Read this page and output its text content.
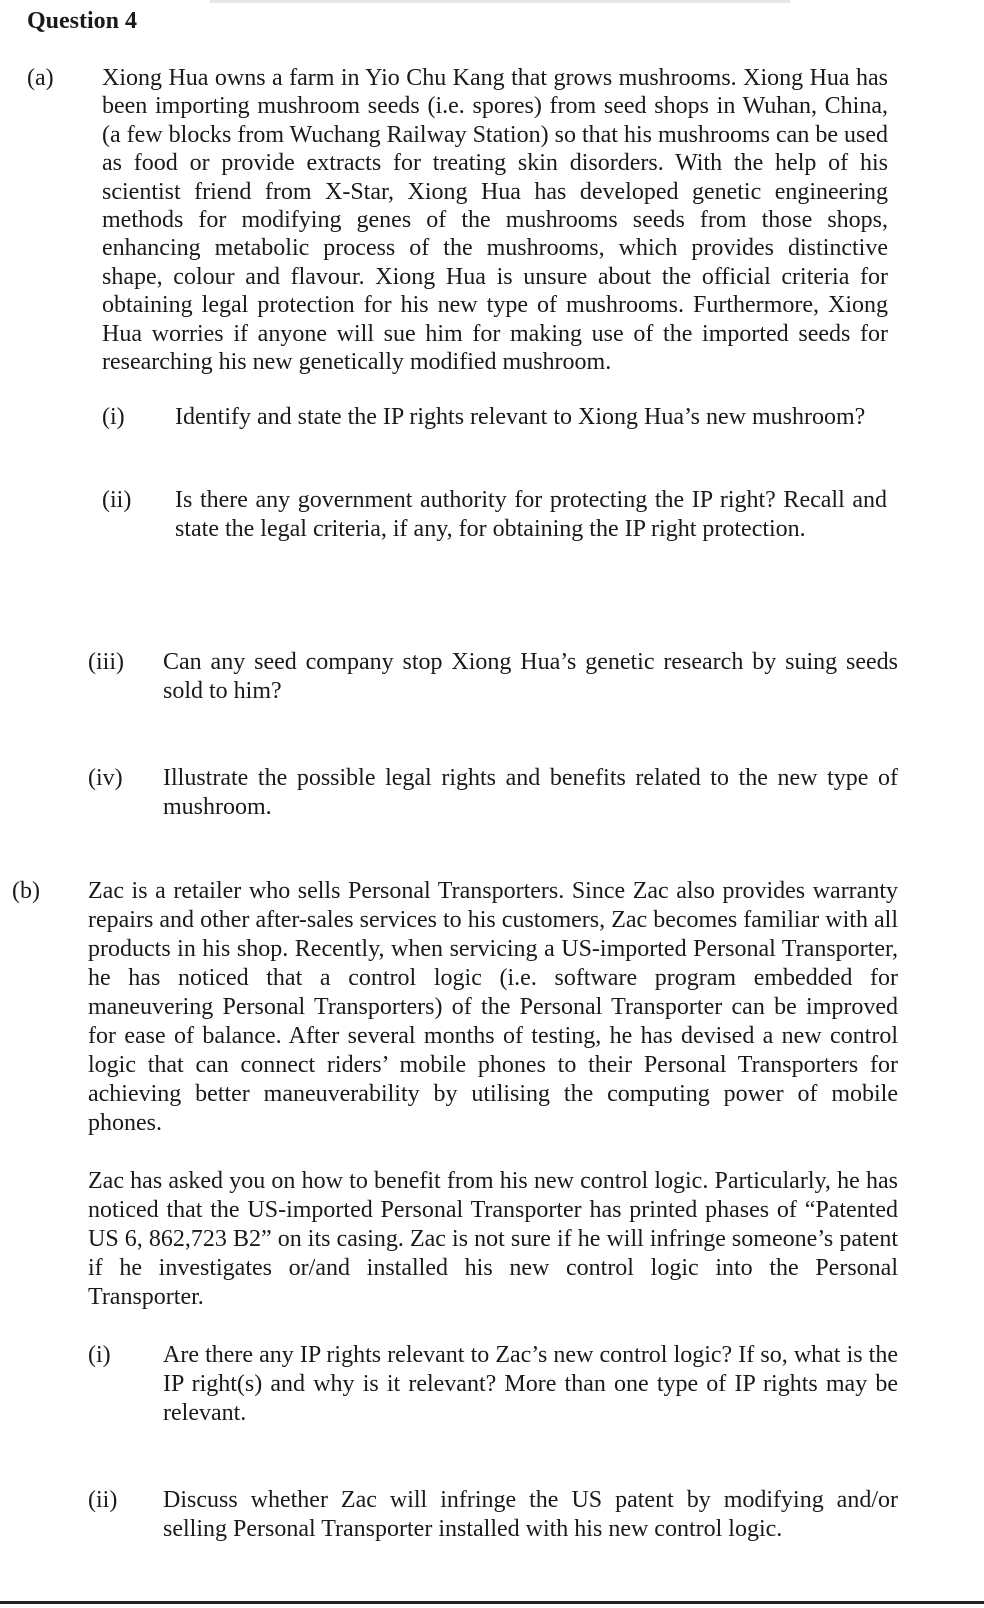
Question 4
(a) Xiong Hua owns a farm in Yio Chu Kang that grows mushrooms. Xiong Hua has been importing mushroom seeds (i.e. spores) from seed shops in Wuhan, China, (a few blocks from Wuchang Railway Station) so that his mushrooms can be used as food or provide extracts for treating skin disorders. With the help of his scientist friend from X-Star, Xiong Hua has developed genetic engineering methods for modifying genes of the mushrooms seeds from those shops, enhancing metabolic process of the mushrooms, which provides distinctive shape, colour and flavour. Xiong Hua is unsure about the official criteria for obtaining legal protection for his new type of mushrooms. Furthermore, Xiong Hua worries if anyone will sue him for making use of the imported seeds for researching his new genetically modified mushroom.

(i) Identify and state the IP rights relevant to Xiong Hua’s new mushroom?

(ii) Is there any government authority for protecting the IP right? Recall and state the legal criteria, if any, for obtaining the IP right protection.

(iii) Can any seed company stop Xiong Hua’s genetic research by suing seeds sold to him?

(iv) Illustrate the possible legal rights and benefits related to the new type of mushroom.

(b) Zac is a retailer who sells Personal Transporters. Since Zac also provides warranty repairs and other after-sales services to his customers, Zac becomes familiar with all products in his shop. Recently, when servicing a US-imported Personal Transporter, he has noticed that a control logic (i.e. software program embedded for maneuvering Personal Transporters) of the Personal Transporter can be improved for ease of balance. After several months of testing, he has devised a new control logic that can connect riders’ mobile phones to their Personal Transporters for achieving better maneuverability by utilising the computing power of mobile phones.

Zac has asked you on how to benefit from his new control logic. Particularly, he has noticed that the US-imported Personal Transporter has printed phases of “Patented US 6, 862,723 B2” on its casing. Zac is not sure if he will infringe someone’s patent if he investigates or/and installed his new control logic into the Personal Transporter.

(i) Are there any IP rights relevant to Zac’s new control logic? If so, what is the IP right(s) and why is it relevant? More than one type of IP rights may be relevant.

(ii) Discuss whether Zac will infringe the US patent by modifying and/or selling Personal Transporter installed with his new control logic.
